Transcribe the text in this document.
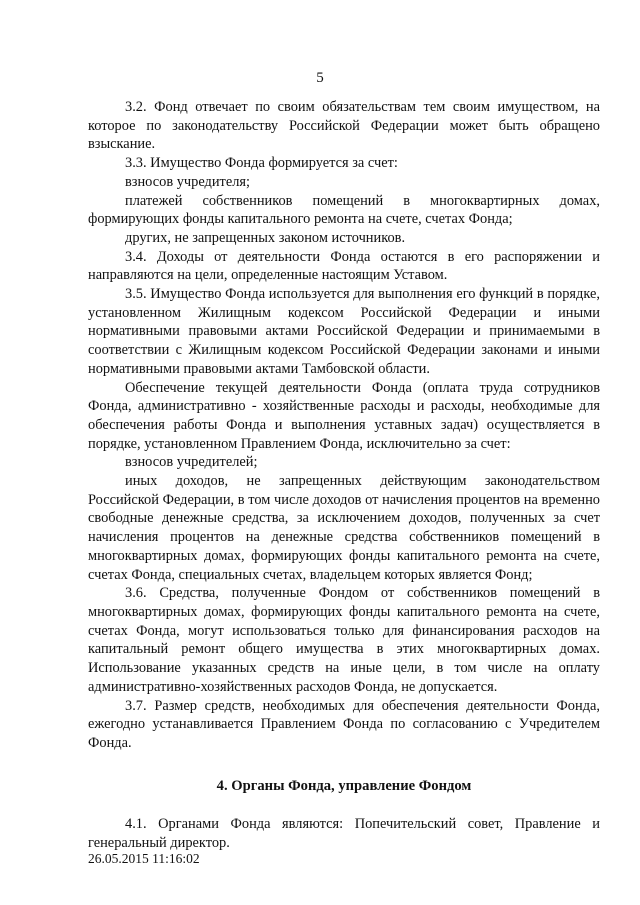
5

3.2. Фонд отвечает по своим обязательствам тем своим имуществом, на которое по законодательству Российской Федерации может быть обращено взыскание.

3.3. Имущество Фонда формируется за счет:

взносов учредителя;

платежей собственников помещений в многоквартирных домах, формирующих фонды капитального ремонта на счете, счетах Фонда;

других, не запрещенных законом источников.

3.4. Доходы от деятельности Фонда остаются в его распоряжении и направляются на цели, определенные настоящим Уставом.

3.5. Имущество Фонда используется для выполнения его функций в порядке, установленном Жилищным кодексом Российской Федерации и иными нормативными правовыми актами Российской Федерации и принимаемыми в соответствии с Жилищным кодексом Российской Федерации законами и иными нормативными правовыми актами Тамбовской области.

Обеспечение текущей деятельности Фонда (оплата труда сотрудников Фонда, административно - хозяйственные расходы и расходы, необходимые для обеспечения работы Фонда и выполнения уставных задач) осуществляется в порядке, установленном Правлением Фонда, исключительно за счет:

взносов учредителей;

иных доходов, не запрещенных действующим законодательством Российской Федерации, в том числе доходов от начисления процентов на временно свободные денежные средства, за исключением доходов, полученных за счет начисления процентов на денежные средства собственников помещений в многоквартирных домах, формирующих фонды капитального ремонта на счете, счетах Фонда, специальных счетах, владельцем которых является Фонд;

3.6. Средства, полученные Фондом от собственников помещений в многоквартирных домах, формирующих фонды капитального ремонта на счете, счетах Фонда, могут использоваться только для финансирования расходов на капитальный ремонт общего имущества в этих многоквартирных домах. Использование указанных средств на иные цели, в том числе на оплату административно-хозяйственных расходов Фонда, не допускается.

3.7. Размер средств, необходимых для обеспечения деятельности Фонда, ежегодно устанавливается Правлением Фонда по согласованию с Учредителем Фонда.

4. Органы Фонда, управление Фондом

4.1. Органами Фонда являются: Попечительский совет, Правление и генеральный директор.

26.05.2015 11:16:02
